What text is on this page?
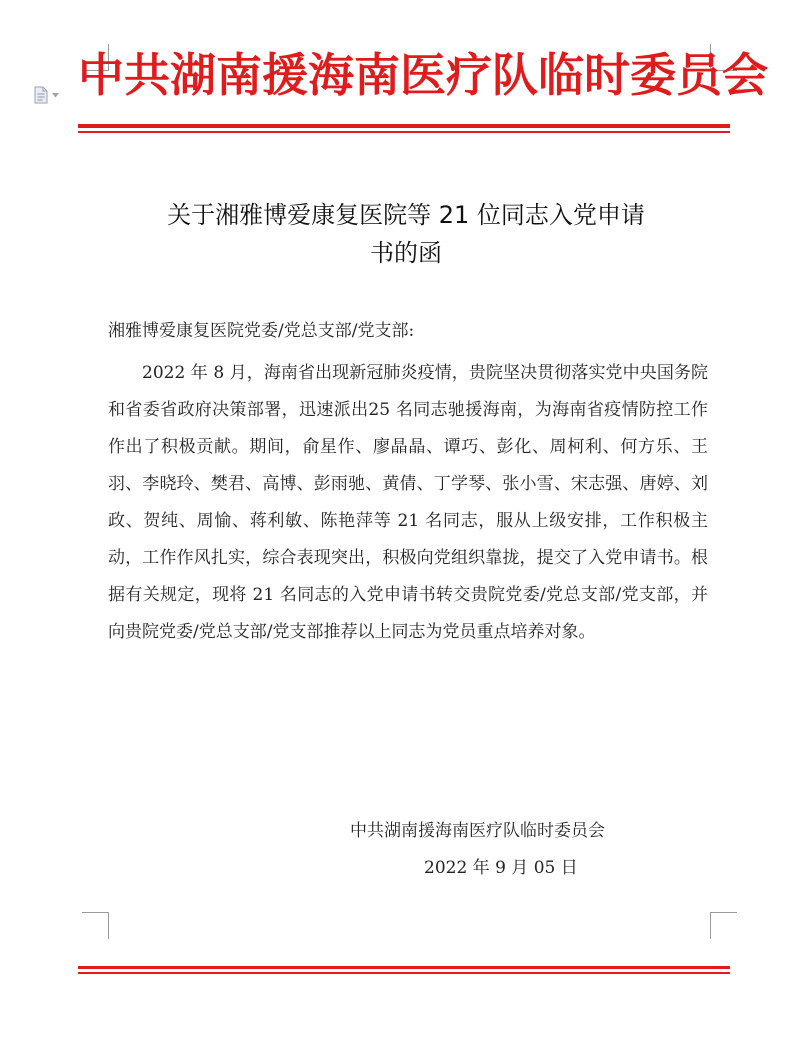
中共湖南援海南医疗队临时委员会
关于湘雅博爱康复医院等 21 位同志入党申请
书的函
湘雅博爱康复医院党委/党总支部/党支部:
2022 年 8 月，海南省出现新冠肺炎疫情，贵院坚决贯彻落实党中央国务院和省委省政府决策部署，迅速派出25 名同志驰援海南，为海南省疫情防控工作作出了积极贡献。期间，俞星作、廖晶晶、谭巧、彭化、周柯利、何方乐、王羽、李晓玲、樊君、高博、彭雨驰、黄倩、丁学琴、张小雪、宋志强、唐婷、刘政、贺纯、周愉、蒋利敏、陈艳萍等 21 名同志，服从上级安排，工作积极主动，工作作风扎实，综合表现突出，积极向党组织靠拢，提交了入党申请书。根据有关规定，现将 21 名同志的入党申请书转交贵院党委/党总支部/党支部，并向贵院党委/党总支部/党支部推荐以上同志为党员重点培养对象。
中共湖南援海南医疗队临时委员会
2022 年 9 月 05 日
